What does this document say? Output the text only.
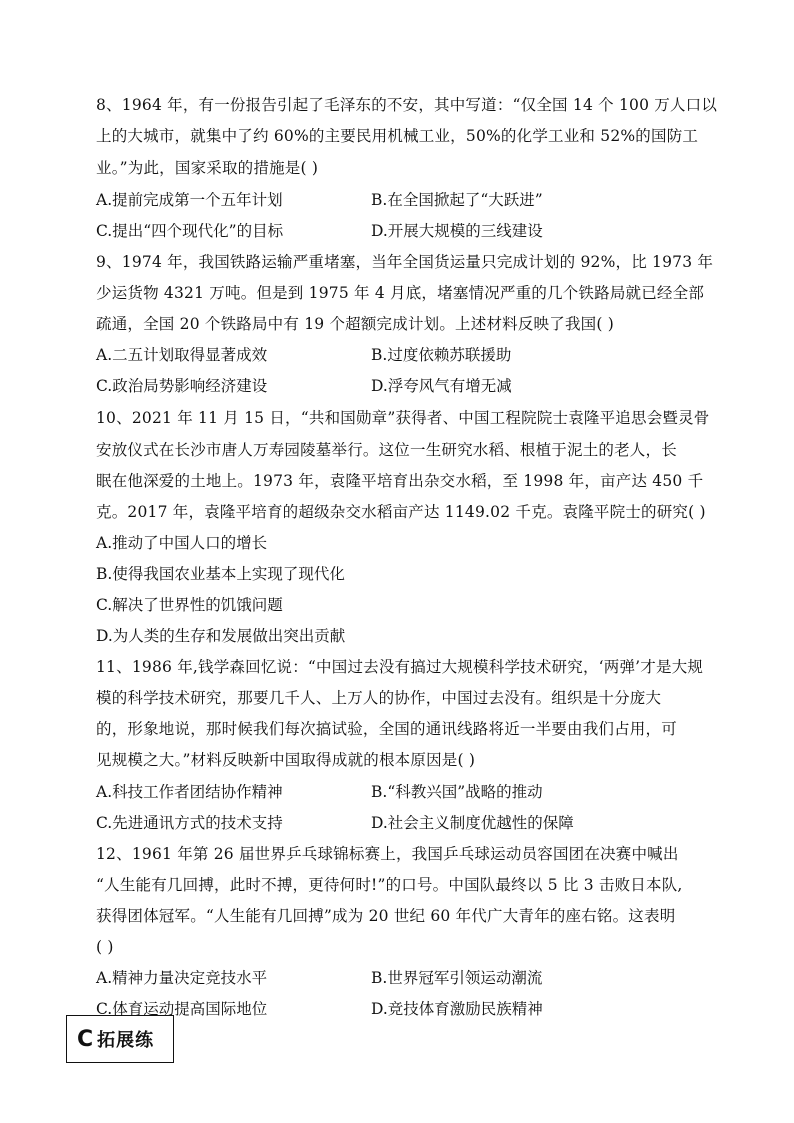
8、1964 年，有一份报告引起了毛泽东的不安，其中写道：“仅全国 14 个 100 万人口以
上的大城市，就集中了约 60%的主要民用机械工业，50%的化学工业和 52%的国防工
业。”为此，国家采取的措施是( )
A.提前完成第一个五年计划	B.在全国掀起了“大跃进”
C.提出“四个现代化”的目标	D.开展大规模的三线建设
9、1974 年，我国铁路运输严重堵塞，当年全国货运量只完成计划的 92%，比 1973 年
少运货物 4321 万吨。但是到 1975 年 4 月底，堵塞情况严重的几个铁路局就已经全部
疏通，全国 20 个铁路局中有 19 个超额完成计划。上述材料反映了我国( )
A.二五计划取得显著成效	B.过度依赖苏联援助
C.政治局势影响经济建设	D.浮夸风气有增无减
10、2021 年 11 月 15 日，“共和国勋章”获得者、中国工程院院士袁隆平追思会暨灵骨
安放仪式在长沙市唐人万寿园陵墓举行。这位一生研究水稻、根植于泥土的老人，长
眠在他深爱的土地上。1973 年，袁隆平培育出杂交水稻，至 1998 年，亩产达 450 千
克。2017 年，袁隆平培育的超级杂交水稻亩产达 1149.02 千克。袁隆平院士的研究( )
A.推动了中国人口的增长
B.使得我国农业基本上实现了现代化
C.解决了世界性的饥饿问题
D.为人类的生存和发展做出突出贡献
11、1986 年,钱学森回忆说：“中国过去没有搞过大规模科学技术研究，‘两弹’才是大规
模的科学技术研究，那要几千人、上万人的协作，中国过去没有。组织是十分庞大
的，形象地说，那时候我们每次搞试验，全国的通讯线路将近一半要由我们占用，可
见规模之大。”材料反映新中国取得成就的根本原因是( )
A.科技工作者团结协作精神	B.“科教兴国”战略的推动
C.先进通讯方式的技术支持	D.社会主义制度优越性的保障
12、1961 年第 26 届世界乒乓球锦标赛上，我国乒乓球运动员容国团在决赛中喊出
“人生能有几回搏，此时不搏，更待何时!”的口号。中国队最终以 5 比 3 击败日本队,
获得团体冠军。“人生能有几回搏”成为 20 世纪 60 年代广大青年的座右铭。这表明
( )
A.精神力量决定竞技水平	B.世界冠军引领运动潮流
C.体育运动提高国际地位	D.竞技体育激励民族精神
C 拓展练
